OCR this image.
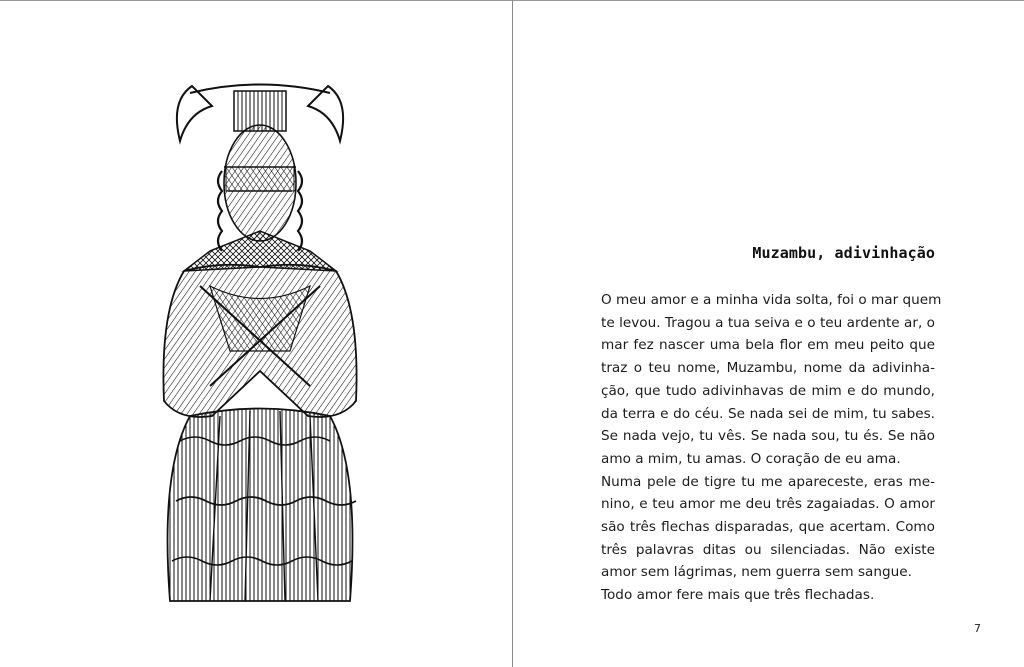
Muzambu, adivinhação
O meu amor e a minha vida solta, foi o mar quem
te levou. Tragou a tua seiva e o teu ardente ar, o
mar fez nascer uma bela flor em meu peito que
traz o teu nome, Muzambu, nome da adivinha-
ção, que tudo adivinhavas de mim e do mundo,
da terra e do céu. Se nada sei de mim, tu sabes.
Se nada vejo, tu vês. Se nada sou, tu és. Se não
amo a mim, tu amas. O coração de eu ama.
Numa pele de tigre tu me apareceste, eras me-
nino, e teu amor me deu três zagaiadas. O amor
são três flechas disparadas, que acertam. Como
três palavras ditas ou silenciadas. Não existe
amor sem lágrimas, nem guerra sem sangue.
Todo amor fere mais que três flechadas.
7
